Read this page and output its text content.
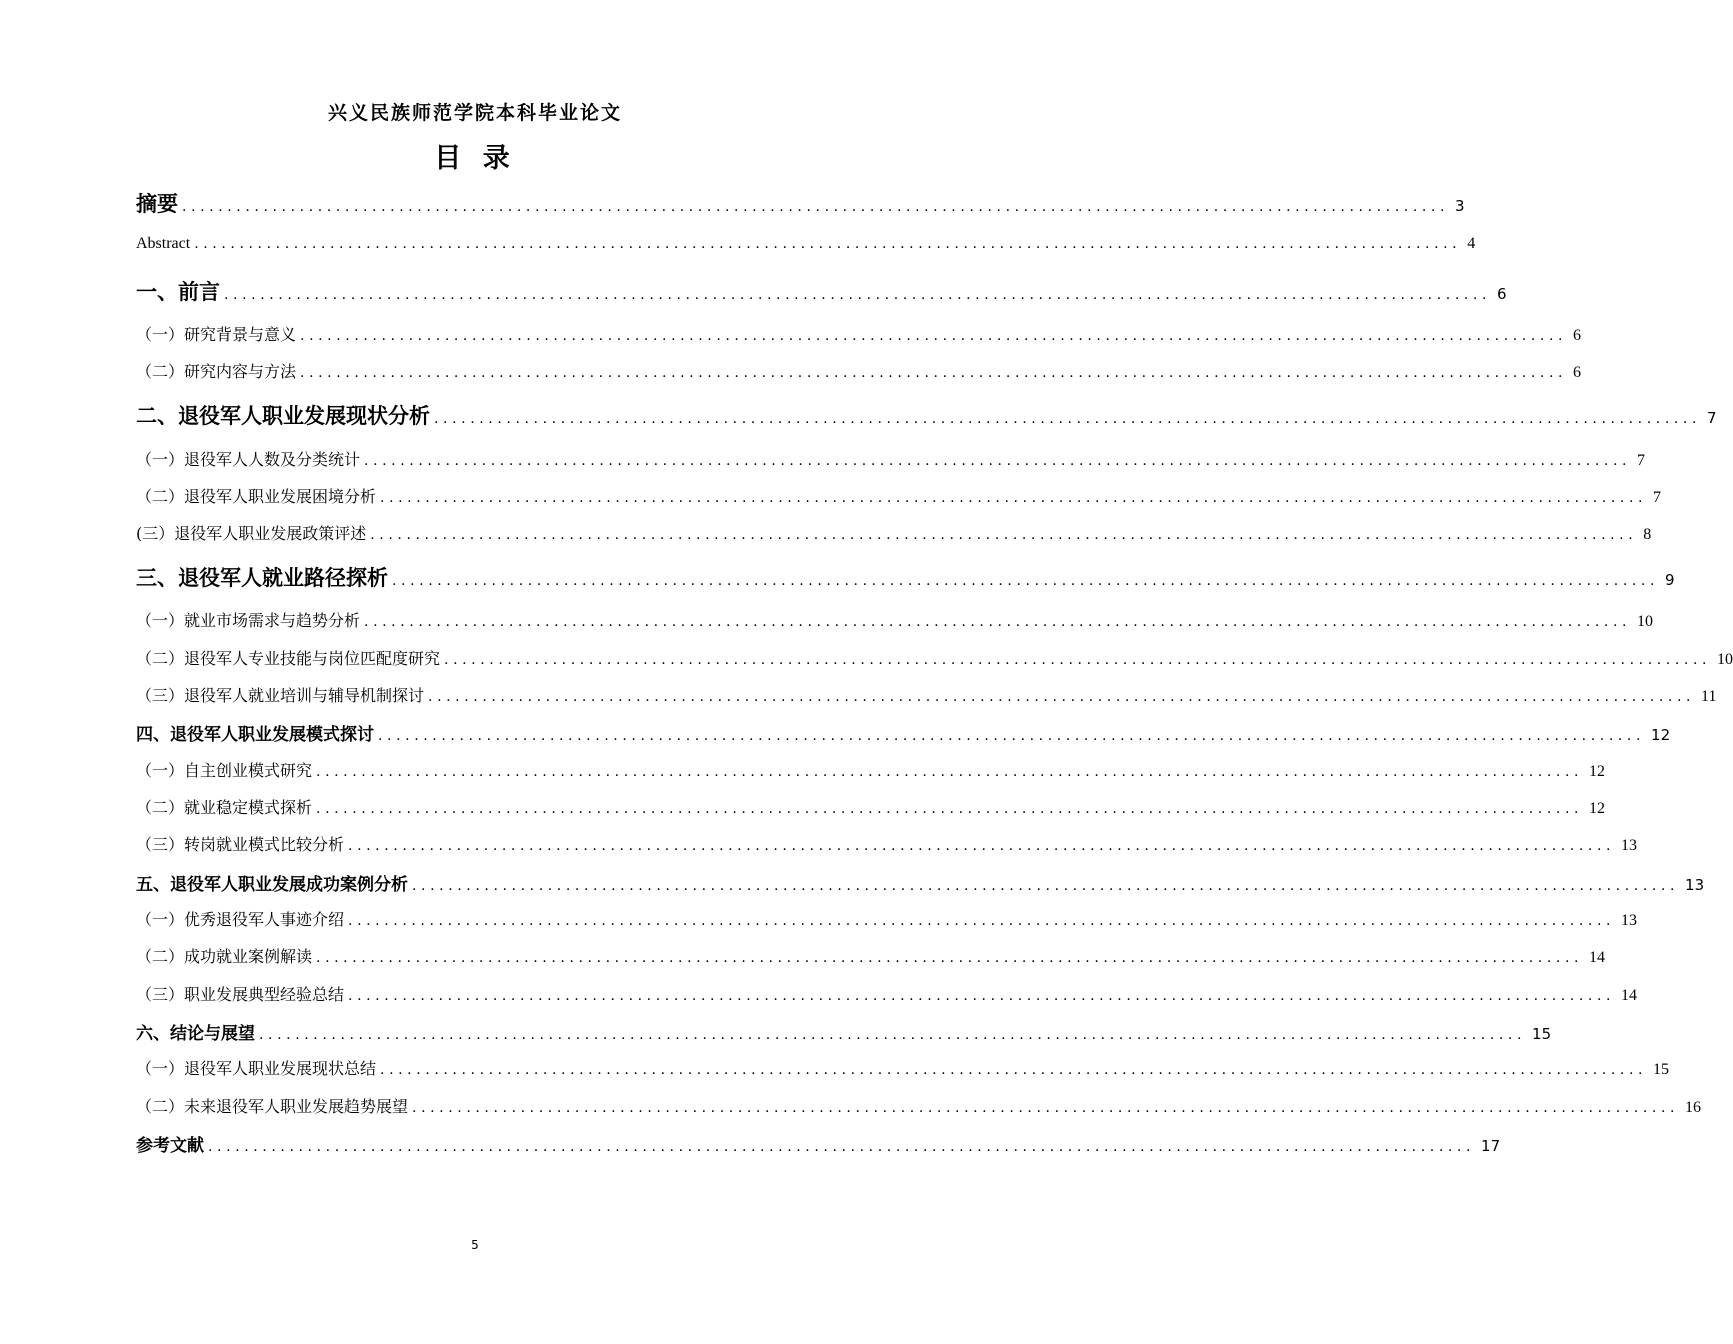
兴义民族师范学院本科毕业论文
目 录
摘要 ............................................................................................................................................ 3
Abstract ............................................................................................................................................ 4
一、前言 ............................................................................................................................................ 6
（一）研究背景与意义 ............................................................................................................................................ 6
（二）研究内容与方法 ............................................................................................................................................ 6
二、退役军人职业发展现状分析 ............................................................................................................................................ 7
（一）退役军人人数及分类统计 ............................................................................................................................................ 7
（二）退役军人职业发展困境分析 ............................................................................................................................................ 7
(三）退役军人职业发展政策评述 ............................................................................................................................................ 8
三、退役军人就业路径探析 ............................................................................................................................................ 9
（一）就业市场需求与趋势分析 ............................................................................................................................................ 10
（二）退役军人专业技能与岗位匹配度研究 ............................................................................................................................................ 10
（三）退役军人就业培训与辅导机制探讨 ............................................................................................................................................ 11
四、退役军人职业发展模式探讨 ............................................................................................................................................ 12
（一）自主创业模式研究 ............................................................................................................................................ 12
（二）就业稳定模式探析 ............................................................................................................................................ 12
（三）转岗就业模式比较分析 ............................................................................................................................................ 13
五、退役军人职业发展成功案例分析 ............................................................................................................................................ 13
（一）优秀退役军人事迹介绍 ............................................................................................................................................ 13
（二）成功就业案例解读 ............................................................................................................................................ 14
（三）职业发展典型经验总结 ............................................................................................................................................ 14
六、结论与展望 ............................................................................................................................................ 15
（一）退役军人职业发展现状总结 ............................................................................................................................................ 15
（二）未来退役军人职业发展趋势展望 ............................................................................................................................................ 16
参考文献 ............................................................................................................................................ 17
5
